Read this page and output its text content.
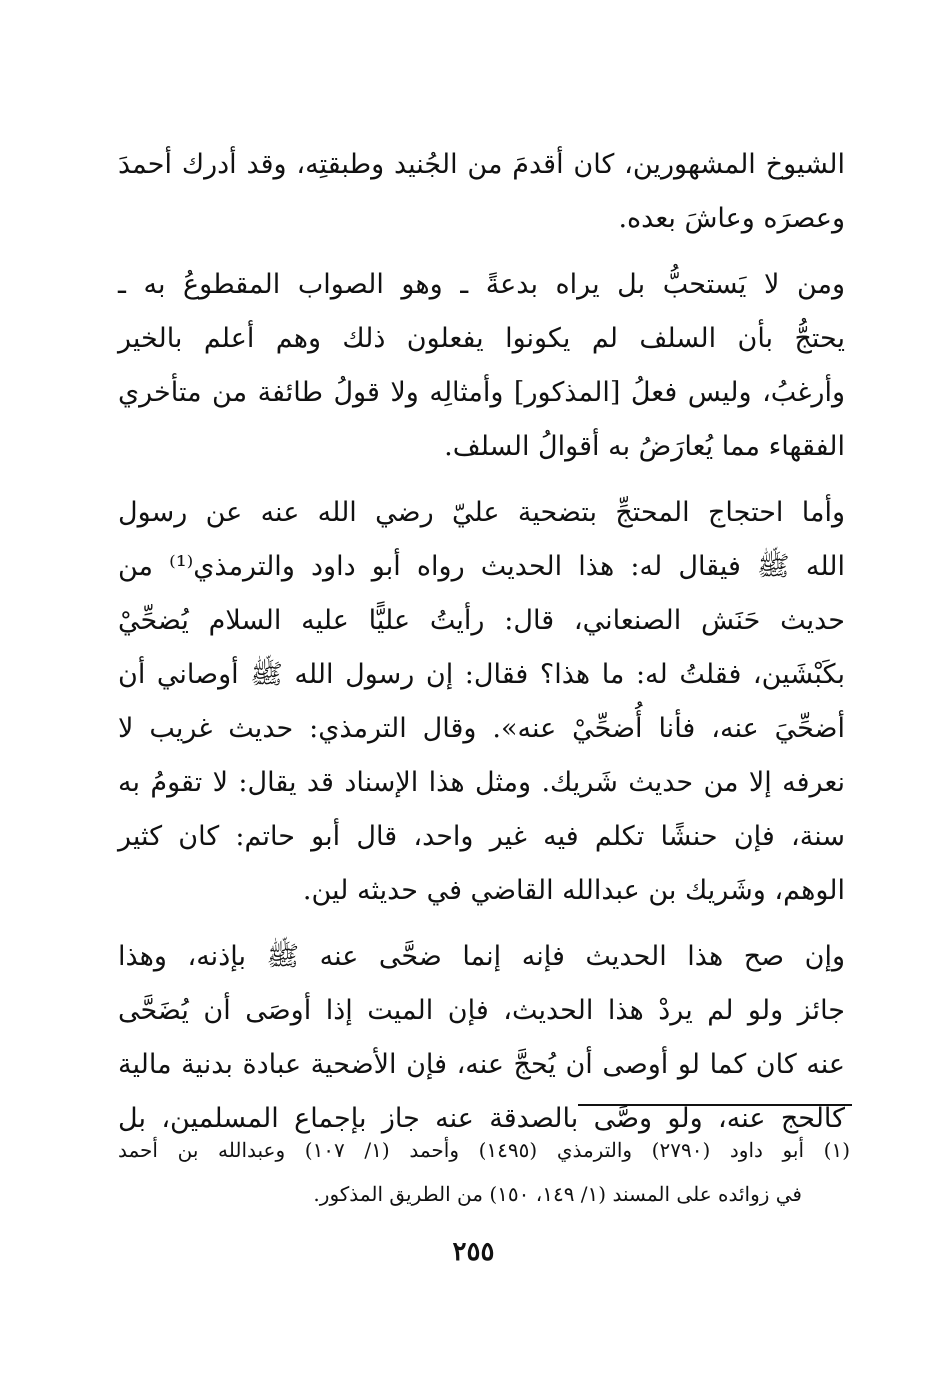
الشيوخ المشهورين، كان أقدمَ من الجُنيد وطبقتِه، وقد أدرك أحمدَ
وعصرَه وعاشَ بعده.
ومن لا يَستحبُّ بل يراه بدعةً ـ وهو الصواب المقطوعُ به ـ
يحتجُّ بأن السلف لم يكونوا يفعلون ذلك وهم أعلم بالخير
وأرغبُ، وليس فعلُ [المذكور] وأمثالِه ولا قولُ طائفة من متأخري
الفقهاء مما يُعارَضُ به أقوالُ السلف.
وأما احتجاج المحتجِّ بتضحية عليّ رضي الله عنه عن رسول
الله ﷺ فيقال له: هذا الحديث رواه أبو داود والترمذي⁽¹⁾ من
حديث حَنَش الصنعاني، قال: رأيتُ عليًّا عليه السلام يُضحِّيْ
بكَبْشَين، فقلتُ له: ما هذا؟ فقال: إن رسول الله ﷺ أوصاني أن
أضحِّيَ عنه، فأنا أُضحِّيْ عنه». وقال الترمذي: حديث غريب لا
نعرفه إلا من حديث شَريك. ومثل هذا الإسناد قد يقال: لا تقومُ به
سنة، فإن حنشًا تكلم فيه غير واحد، قال أبو حاتم: كان كثير
الوهم، وشَريك بن عبدالله القاضي في حديثه لين.
وإن صح هذا الحديث فإنه إنما ضحَّى عنه ﷺ بإذنه، وهذا
جائز ولو لم يردْ هذا الحديث، فإن الميت إذا أوصَى أن يُضَحَّى
عنه كان كما لو أوصى أن يُحجَّ عنه، فإن الأضحية عبادة بدنية مالية
كالحج عنه، ولو وصَّى بالصدقة عنه جاز بإجماع المسلمين، بل
(١) أبو داود (٢٧٩٠) والترمذي (١٤٩٥) وأحمد (١/ ١٠٧) وعبدالله بن أحمد
في زوائده على المسند (١/ ١٤٩، ١٥٠) من الطريق المذكور.
٢٥٥
